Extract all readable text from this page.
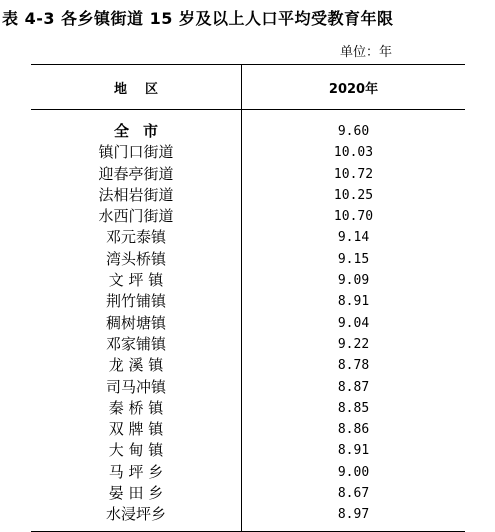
表 4-3 各乡镇街道 15 岁及以上人口平均受教育年限
单位：年
地区	2020年
全市	9.60
镇门口街道	10.03
迎春亭街道	10.72
法相岩街道	10.25
水西门街道	10.70
邓元泰镇	9.14
湾头桥镇	9.15
文 坪 镇	9.09
荆竹铺镇	8.91
稠树塘镇	9.04
邓家铺镇	9.22
龙 溪 镇	8.78
司马冲镇	8.87
秦 桥 镇	8.85
双 牌 镇	8.86
大 甸 镇	8.91
马 坪 乡	9.00
晏 田 乡	8.67
水浸坪乡	8.97
